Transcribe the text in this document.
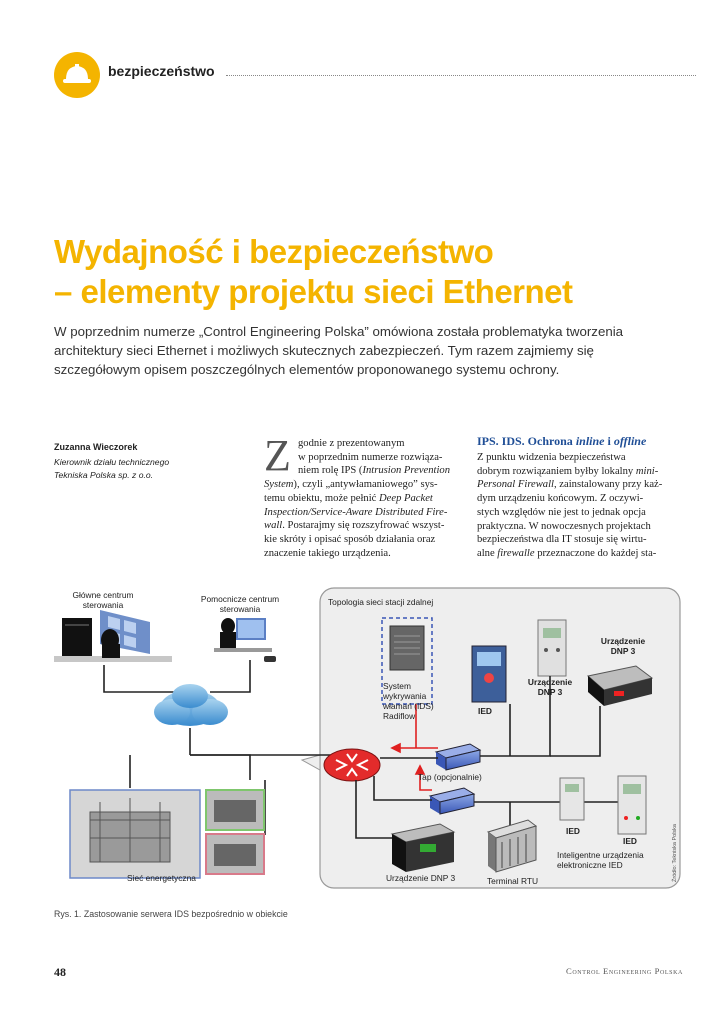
bezpieczeństwo
Wydajność i bezpieczeństwo
– elementy projektu sieci Ethernet
W poprzednim numerze „Control Engineering Polska” omówiona została problematyka tworzenia
architektury sieci Ethernet i możliwych skutecznych zabezpieczeń. Tym razem zajmiemy się
szczegółowym opisem poszczególnych elementów proponowanego systemu ochrony.
Zuzanna Wieczorek
Kierownik działu technicznego
Tekniska Polska sp. z o.o.	Z godnie z prezentowanym
w poprzednim numerze rozwiąza-
niem rolę IPS (Intrusion Prevention
System), czyli „antywłamaniowego” sys-
temu obiektu, może pełnić Deep Packet
Inspection/Service-Aware Distributed Fire-
wall. Postarajmy się rozszyfrować wszyst-
kie skróty i opisać sposób działania oraz
znaczenie takiego urządzenia.
IPS. IDS. Ochrona inline i offline
Z punktu widzenia bezpieczeństwa
dobrym rozwiązaniem byłby lokalny mini-
Personal Firewall, zainstalowany przy każ-
dym urządzeniu końcowym. Z oczywi-
stych względów nie jest to jednak opcja
praktyczna. W nowoczesnych projektach
bezpieczeństwa dla IT stosuje się wirtu-
alne firewalle przeznaczone do każdej sta-
Główne centrum
sterowania
Pomocnicze centrum
sterowania
Topologia sieci stacji zdalnej
System
wykrywania
włamań (IDS)
Radiflow	IED
Urządzenie
DNP 3
Urządzenie
DNP 3
Tap (opcjonalnie)
IED
IED
Inteligentne urządzenia
elektroniczne IED
Urządzenie DNP 3	Terminal RTU
Sieć energetyczna	Źródło: Tekniska Polska
Rys. 1. Zastosowanie serwera IDS bezpośrednio w obiekcie
48	Control Engineering Polska
